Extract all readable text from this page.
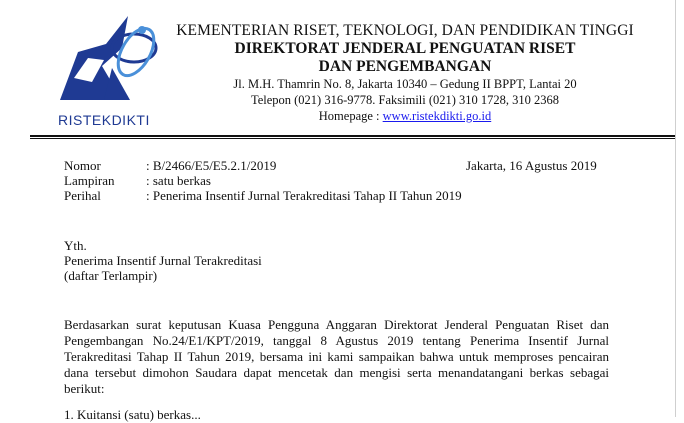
RISTEKDIKTI
KEMENTERIAN RISET, TEKNOLOGI, DAN PENDIDIKAN TINGGI
DIREKTORAT JENDERAL PENGUATAN RISET
DAN PENGEMBANGAN
Jl. M.H. Thamrin No. 8, Jakarta 10340 – Gedung II BPPT, Lantai 20
Telepon (021) 316-9778. Faksimili (021) 310 1728, 310 2368
Homepage : www.ristekdikti.go.id
Nomor	: B/2466/E5/E5.2.1/2019
Lampiran	: satu berkas
Perihal	: Penerima Insentif Jurnal Terakreditasi Tahap II Tahun 2019
Jakarta, 16 Agustus 2019
Yth.
Penerima Insentif Jurnal Terakreditasi
(daftar Terlampir)
Berdasarkan surat keputusan Kuasa Pengguna Anggaran Direktorat Jenderal Penguatan Riset dan Pengembangan No.24/E1/KPT/2019, tanggal 8 Agustus 2019 tentang Penerima Insentif Jurnal Terakreditasi Tahap II Tahun 2019, bersama ini kami sampaikan bahwa untuk memproses pencairan dana tersebut dimohon Saudara dapat mencetak dan mengisi serta menandatangani berkas sebagai berikut:
1. Kuitansi (satu) berkas...
